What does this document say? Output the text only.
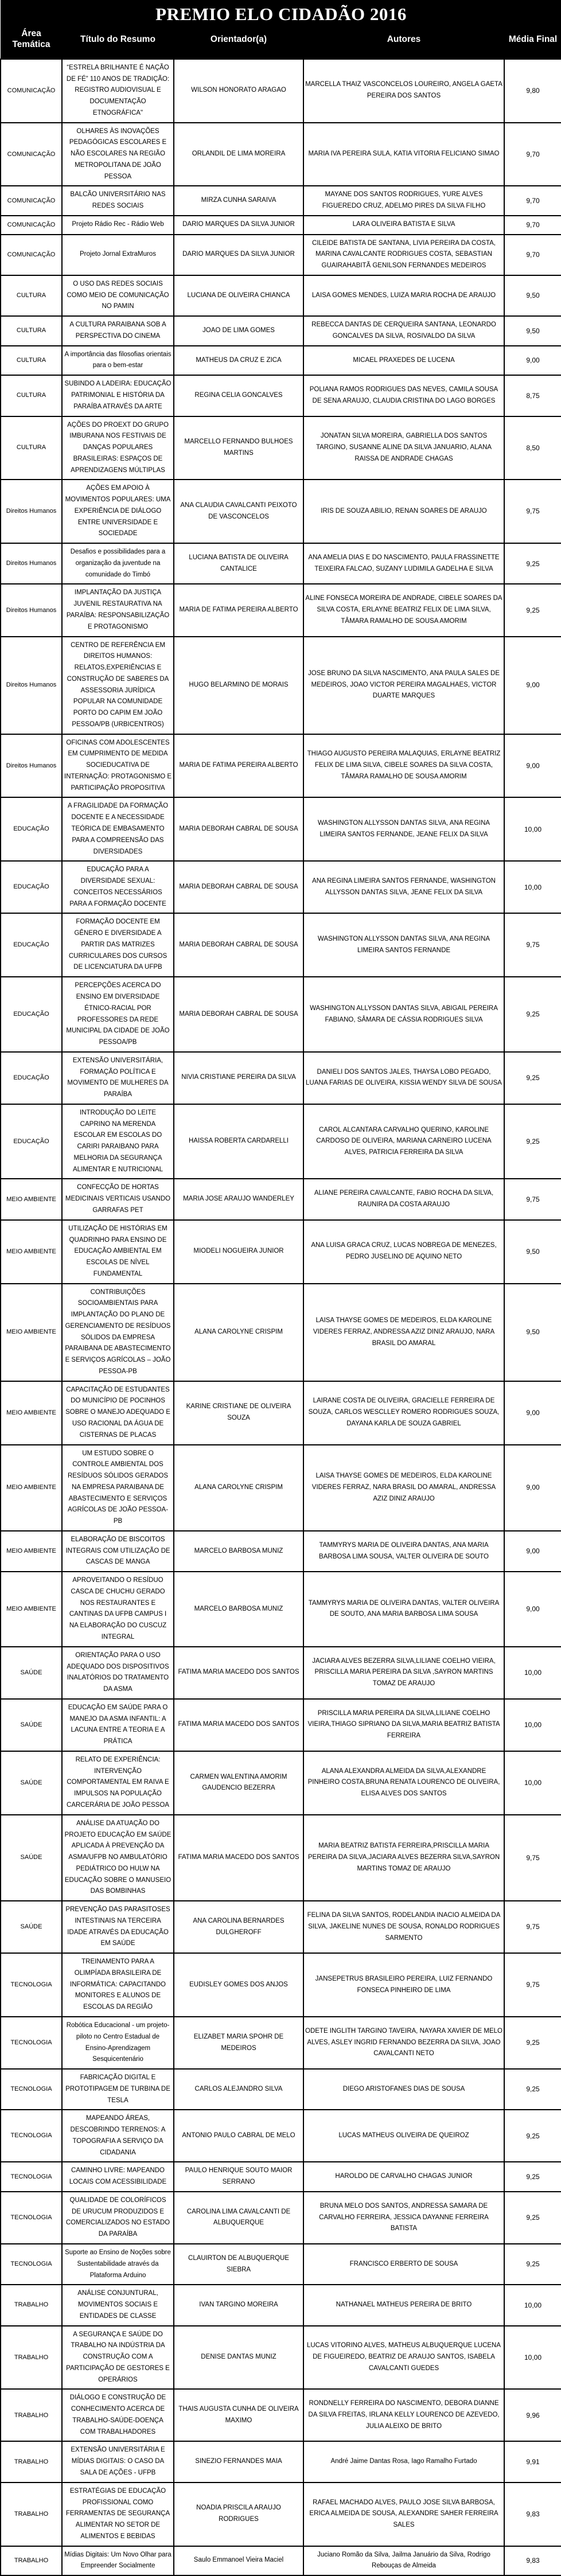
PREMIO ELO CIDADÃO 2016				
Área Temática	Título do Resumo	Orientador(a)	Autores	Média Final
COMUNICAÇÃO	“ESTRELA BRILHANTE É NAÇÃO DE FÉ” 110 ANOS DE TRADIÇÃO: REGISTRO AUDIOVISUAL E DOCUMENTAÇÃO ETNOGRÁFICA"	WILSON HONORATO ARAGAO	MARCELLA THAIZ VASCONCELOS LOUREIRO, ANGELA GAETA PEREIRA DOS SANTOS	9,80
COMUNICAÇÃO	OLHARES ÀS INOVAÇÕES PEDAGÓGICAS ESCOLARES E NÃO ESCOLARES NA REGIÃO METROPOLITANA DE JOÃO PESSOA	ORLANDIL DE LIMA MOREIRA	MARIA IVA PEREIRA SULA, KATIA VITORIA FELICIANO SIMAO	9,70
COMUNICAÇÃO	BALCÃO UNIVERSITÁRIO NAS REDES SOCIAIS	MIRZA CUNHA SARAIVA	MAYANE DOS SANTOS RODRIGUES, YURE ALVES FIGUEREDO CRUZ, ADELMO PIRES DA SILVA FILHO	9,70
COMUNICAÇÃO	Projeto Rádio Rec - Rádio Web	DARIO MARQUES DA SILVA JUNIOR	LARA OLIVEIRA BATISTA E SILVA	9,70
COMUNICAÇÃO	Projeto Jornal ExtraMuros	DARIO MARQUES DA SILVA JUNIOR	CILEIDE BATISTA DE SANTANA, LIVIA PEREIRA DA COSTA, MARINA CAVALCANTE RODRIGUES COSTA, SEBASTIAN GUAIRAHABITÃ GENILSON FERNANDES MEDEIROS	9,70
CULTURA	O USO DAS REDES SOCIAIS COMO MEIO DE COMUNICAÇÃO NO PAMIN	LUCIANA DE OLIVEIRA CHIANCA	LAISA GOMES MENDES, LUIZA MARIA ROCHA DE ARAUJO	9,50
CULTURA	A CULTURA PARAIBANA SOB A PERSPECTIVA DO CINEMA	JOAO DE LIMA GOMES	REBECCA DANTAS DE CERQUEIRA SANTANA, LEONARDO GONCALVES DA SILVA, ROSIVALDO DA SILVA	9,50
CULTURA	A importância das filosofias orientais para o bem-estar	MATHEUS DA CRUZ E ZICA	MICAEL PRAXEDES DE LUCENA	9,00
CULTURA	SUBINDO A LADEIRA: EDUCAÇÃO PATRIMONIAL E HISTÓRIA DA PARAÍBA ATRAVÉS DA ARTE	REGINA CELIA GONCALVES	POLIANA RAMOS RODRIGUES DAS NEVES, CAMILA SOUSA DE SENA ARAUJO, CLAUDIA CRISTINA DO LAGO BORGES	8,75
CULTURA	AÇÕES DO PROEXT DO GRUPO IMBURANA NOS FESTIVAIS DE DANÇAS POPULARES BRASILEIRAS: ESPAÇOS DE APRENDIZAGENS MÚLTIPLAS	MARCELLO FERNANDO BULHOES MARTINS	JONATAN SILVA MOREIRA, GABRIELLA DOS SANTOS TARGINO, SUSANNE ALINE DA SILVA JANUARIO, ALANA RAISSA DE ANDRADE CHAGAS	8,50
Direitos Humanos	AÇÕES EM APOIO À MOVIMENTOS POPULARES: UMA EXPERIÊNCIA DE DIÁLOGO ENTRE UNIVERSIDADE E SOCIEDADE	ANA CLAUDIA CAVALCANTI PEIXOTO DE VASCONCELOS	IRIS DE SOUZA ABILIO, RENAN SOARES DE ARAUJO	9,75
Direitos Humanos	Desafios e possibilidades para a organização da juventude na comunidade do Timbó	LUCIANA BATISTA DE OLIVEIRA CANTALICE	ANA AMELIA DIAS E DO NASCIMENTO, PAULA FRASSINETTE TEIXEIRA FALCAO, SUZANY LUDIMILA GADELHA E SILVA	9,25
Direitos Humanos	IMPLANTAÇÃO DA JUSTIÇA JUVENIL RESTAURATIVA NA PARAÍBA: RESPONSABILIZAÇÃO E PROTAGONISMO	MARIA DE FATIMA PEREIRA ALBERTO	ALINE FONSECA MOREIRA DE ANDRADE, CIBELE SOARES DA SILVA COSTA, ERLAYNE BEATRIZ FELIX DE LIMA SILVA, TÂMARA RAMALHO DE SOUSA AMORIM	9,25
Direitos Humanos	CENTRO DE REFERÊNCIA EM DIREITOS HUMANOS: RELATOS,EXPERIÊNCIAS E CONSTRUÇÃO DE SABERES DA ASSESSORIA JURÍDICA POPULAR NA COMUNIDADE PORTO DO CAPIM EM JOÃO PESSOA/PB (URBICENTROS)	HUGO BELARMINO DE MORAIS	JOSE BRUNO DA SILVA NASCIMENTO, ANA PAULA SALES DE MEDEIROS, JOAO VICTOR PEREIRA MAGALHAES, VICTOR DUARTE MARQUES	9,00
Direitos Humanos	OFICINAS COM ADOLESCENTES EM CUMPRIMENTO DE MEDIDA SOCIEDUCATIVA DE INTERNAÇÃO: PROTAGONISMO E PARTICIPAÇÃO PROPOSITIVA	MARIA DE FATIMA PEREIRA ALBERTO	THIAGO AUGUSTO PEREIRA MALAQUIAS, ERLAYNE BEATRIZ FELIX DE LIMA SILVA, CIBELE SOARES DA SILVA COSTA, TÂMARA RAMALHO DE SOUSA AMORIM	9,00
EDUCAÇÃO	A FRAGILIDADE DA FORMAÇÃO DOCENTE E A NECESSIDADE TEÓRICA DE EMBASAMENTO PARA A COMPREENSÃO DAS DIVERSIDADES	MARIA DEBORAH CABRAL DE SOUSA	WASHINGTON ALLYSSON DANTAS SILVA, ANA REGINA LIMEIRA SANTOS FERNANDE, JEANE FELIX DA SILVA	10,00
EDUCAÇÃO	EDUCAÇÃO PARA A DIVERSIDADE SEXUAL: CONCEITOS NECESSÁRIOS PARA A FORMAÇÃO DOCENTE	MARIA DEBORAH CABRAL DE SOUSA	ANA REGINA LIMEIRA SANTOS FERNANDE, WASHINGTON ALLYSSON DANTAS SILVA, JEANE FELIX DA SILVA	10,00
EDUCAÇÃO	FORMAÇÃO DOCENTE EM GÊNERO E DIVERSIDADE A PARTIR DAS MATRIZES CURRICULARES DOS CURSOS DE LICENCIATURA DA UFPB	MARIA DEBORAH CABRAL DE SOUSA	WASHINGTON ALLYSSON DANTAS SILVA, ANA REGINA LIMEIRA SANTOS FERNANDE	9,75
EDUCAÇÃO	PERCEPÇÕES ACERCA DO ENSINO EM DIVERSIDADE ÉTNICO-RACIAL POR PROFESSORES DA REDE MUNICIPAL DA CIDADE DE JOÃO PESSOA/PB	MARIA DEBORAH CABRAL DE SOUSA	WASHINGTON ALLYSSON DANTAS SILVA, ABIGAIL PEREIRA FABIANO, SÂMARA DE CÁSSIA RODRIGUES SILVA	9,25
EDUCAÇÃO	EXTENSÃO UNIVERSITÁRIA, FORMAÇÃO POLÍTICA E MOVIMENTO DE MULHERES DA PARAÍBA	NIVIA CRISTIANE PEREIRA DA SILVA	DANIELI DOS SANTOS JALES, THAYSA LOBO PEGADO, LUANA FARIAS DE OLIVEIRA, KISSIA WENDY SILVA DE SOUSA	9,25
EDUCAÇÃO	INTRODUÇÃO DO LEITE CAPRINO NA MERENDA ESCOLAR EM ESCOLAS DO CARIRI PARAIBANO PARA MELHORIA DA SEGURANÇA ALIMENTAR E NUTRICIONAL	HAISSA ROBERTA CARDARELLI	CAROL ALCANTARA CARVALHO QUERINO, KAROLINE CARDOSO DE OLIVEIRA, MARIANA CARNEIRO LUCENA ALVES, PATRICIA FERREIRA DA SILVA	9,25
MEIO AMBIENTE	CONFECÇÃO DE HORTAS MEDICINAIS VERTICAIS USANDO GARRAFAS PET	MARIA JOSE ARAUJO WANDERLEY	ALIANE PEREIRA CAVALCANTE, FABIO ROCHA DA SILVA, RAUNIRA DA COSTA ARAUJO	9,75
MEIO AMBIENTE	UTILIZAÇÃO DE HISTÓRIAS EM QUADRINHO PARA ENSINO DE EDUCAÇÃO AMBIENTAL EM ESCOLAS DE NÍVEL FUNDAMENTAL	MIODELI NOGUEIRA JUNIOR	ANA LUISA GRACA CRUZ, LUCAS NOBREGA DE MENEZES, PEDRO JUSELINO DE AQUINO NETO	9,50
MEIO AMBIENTE	CONTRIBUIÇÕES SOCIOAMBIENTAIS PARA IMPLANTAÇÃO DO PLANO DE GERENCIAMENTO DE RESÍDUOS SÓLIDOS DA EMPRESA PARAIBANA DE ABASTECIMENTO E SERVIÇOS AGRÍCOLAS – JOÃO PESSOA-PB	ALANA CAROLYNE CRISPIM	LAISA THAYSE GOMES DE MEDEIROS, ELDA KAROLINE VIDERES FERRAZ, ANDRESSA AZIZ DINIZ ARAUJO, NARA BRASIL DO AMARAL	9,50
MEIO AMBIENTE	CAPACITAÇÃO DE ESTUDANTES DO MUNICÍPIO DE POCINHOS SOBRE O MANEJO ADEQUADO E USO RACIONAL DA ÁGUA DE CISTERNAS DE PLACAS	KARINE CRISTIANE DE OLIVEIRA SOUZA	LAIRANE COSTA DE OLIVEIRA, GRACIELLE FERREIRA DE SOUZA, CARLOS WESCLLEY ROMERO RODRIGUES SOUZA, DAYANA KARLA DE SOUZA GABRIEL	9,00
MEIO AMBIENTE	UM ESTUDO SOBRE O CONTROLE AMBIENTAL DOS RESÍDUOS SÓLIDOS GERADOS NA EMPRESA PARAIBANA DE ABASTECIMENTO E SERVIÇOS AGRÍCOLAS DE JOÃO PESSOA-PB	ALANA CAROLYNE CRISPIM	LAISA THAYSE GOMES DE MEDEIROS, ELDA KAROLINE VIDERES FERRAZ, NARA BRASIL DO AMARAL, ANDRESSA AZIZ DINIZ ARAUJO	9,00
MEIO AMBIENTE	ELABORAÇÃO DE BISCOITOS INTEGRAIS COM UTILIZAÇÃO DE CASCAS DE MANGA	MARCELO BARBOSA MUNIZ	TAMMYRYS MARIA DE OLIVEIRA DANTAS, ANA MARIA BARBOSA LIMA SOUSA, VALTER OLIVEIRA DE SOUTO	9,00
MEIO AMBIENTE	APROVEITANDO O RESÍDUO CASCA DE CHUCHU GERADO NOS RESTAURANTES E CANTINAS DA UFPB CAMPUS I NA ELABORAÇÃO DO CUSCUZ INTEGRAL	MARCELO BARBOSA MUNIZ	TAMMYRYS MARIA DE OLIVEIRA DANTAS, VALTER OLIVEIRA DE SOUTO, ANA MARIA BARBOSA LIMA SOUSA	9,00
SAÚDE	ORIENTAÇÃO PARA O USO ADEQUADO DOS DISPOSITIVOS INALATÓRIOS DO TRATAMENTO DA ASMA	FATIMA MARIA MACEDO DOS SANTOS	JACIARA ALVES BEZERRA SILVA,LILIANE COELHO VIEIRA, PRISCILLA MARIA PEREIRA DA SILVA ,SAYRON MARTINS TOMAZ DE ARAUJO	10,00
SAÚDE	EDUCAÇÃO EM SAÚDE PARA O MANEJO DA ASMA INFANTIL: A LACUNA ENTRE A TEORIA E A PRÁTICA	FATIMA MARIA MACEDO DOS SANTOS	PRISCILLA MARIA PEREIRA DA SILVA,LILIANE COELHO VIEIRA,THIAGO SIPRIANO DA SILVA,MARIA BEATRIZ BATISTA FERREIRA	10,00
SAÚDE	RELATO DE EXPERIÊNCIA: INTERVENÇÃO COMPORTAMENTAL EM RAIVA E IMPULSOS NA POPULAÇÃO CARCERÁRIA DE JOÃO PESSOA	CARMEN WALENTINA AMORIM GAUDENCIO BEZERRA	ALANA ALEXANDRA ALMEIDA DA SILVA,ALEXANDRE PINHEIRO COSTA,BRUNA RENATA LOURENCO DE OLIVEIRA, ELISA ALVES DOS SANTOS	10,00
SAÚDE	ANÁLISE DA ATUAÇÃO DO PROJETO EDUCAÇÃO EM SAÚDE APLICADA À PREVENÇÃO DA ASMA/UFPB NO AMBULATÓRIO PEDIÁTRICO DO HULW NA EDUCAÇÃO SOBRE O MANUSEIO DAS BOMBINHAS	FATIMA MARIA MACEDO DOS SANTOS	MARIA BEATRIZ BATISTA FERREIRA,PRISCILLA MARIA PEREIRA DA SILVA,JACIARA ALVES BEZERRA SILVA,SAYRON MARTINS TOMAZ DE ARAUJO	9,75
SAÚDE	PREVENÇÃO DAS PARASITOSES INTESTINAIS NA TERCEIRA IDADE ATRAVÉS DA EDUCAÇÃO EM SAÚDE	ANA CAROLINA BERNARDES DULGHEROFF	FELINA DA SILVA SANTOS, RODELANDIA INACIO ALMEIDA DA SILVA, JAKELINE NUNES DE SOUSA, RONALDO RODRIGUES SARMENTO	9,75
TECNOLOGIA	TREINAMENTO PARA A OLIMPÍADA BRASILEIRA DE INFORMÁTICA: CAPACITANDO MONITORES E ALUNOS DE ESCOLAS DA REGIÃO	EUDISLEY GOMES DOS ANJOS	JANSEPETRUS BRASILEIRO PEREIRA, LUIZ FERNANDO FONSECA PINHEIRO DE LIMA	9,75
TECNOLOGIA	Robótica Educacional - um projeto-piloto no Centro Estadual de Ensino-Aprendizagem Sesquicentenário	ELIZABET MARIA SPOHR DE MEDEIROS	ODETE INGLITH TARGINO TAVEIRA, NAYARA XAVIER DE MELO ALVES, ASLEY INGRID FERNANDO BEZERRA DA SILVA, JOAO CAVALCANTI NETO	9,25
TECNOLOGIA	FABRICAÇÃO DIGITAL E PROTOTIPAGEM DE TURBINA DE TESLA	CARLOS ALEJANDRO SILVA	DIEGO ARISTOFANES DIAS DE SOUSA	9,25
TECNOLOGIA	MAPEANDO ÁREAS, DESCOBRINDO TERRENOS: A TOPOGRAFIA A SERVIÇO DA CIDADANIA	ANTONIO PAULO CABRAL DE MELO	LUCAS MATHEUS OLIVEIRA DE QUEIROZ	9,25
TECNOLOGIA	CAMINHO LIVRE: MAPEANDO LOCAIS COM ACESSIBILIDADE	PAULO HENRIQUE SOUTO MAIOR SERRANO	HAROLDO DE CARVALHO CHAGAS JUNIOR	9,25
TECNOLOGIA	QUALIDADE DE COLORÍFICOS DE URUCUM PRODUZIDOS E COMERCIALIZADOS NO ESTADO DA PARAÍBA	CAROLINA LIMA CAVALCANTI DE ALBUQUERQUE	BRUNA MELO DOS SANTOS, ANDRESSA SAMARA DE CARVALHO FERREIRA, JESSICA DAYANNE FERREIRA BATISTA	9,25
TECNOLOGIA	Suporte ao Ensino de Noções sobre Sustentabilidade através da Plataforma Arduino	CLAUIRTON DE ALBUQUERQUE SIEBRA	FRANCISCO ERBERTO DE SOUSA	9,25
TRABALHO	ANÁLISE CONJUNTURAL, MOVIMENTOS SOCIAIS E ENTIDADES DE CLASSE	IVAN TARGINO MOREIRA	NATHANAEL MATHEUS PEREIRA DE BRITO	10,00
TRABALHO	A SEGURANÇA E SAÚDE DO TRABALHO NA INDÚSTRIA DA CONSTRUÇÃO COM A PARTICIPAÇÃO DE GESTORES E OPERÁRIOS	DENISE DANTAS MUNIZ	LUCAS VITORINO ALVES, MATHEUS ALBUQUERQUE LUCENA DE FIGUEIREDO, BEATRIZ DE ARAUJO SANTOS, ISABELA CAVALCANTI GUEDES	10,00
TRABALHO	DIÁLOGO E CONSTRUÇÃO DE CONHECIMENTO ACERCA DE TRABALHO-SAÚDE-DOENÇA COM TRABALHADORES	THAIS AUGUSTA CUNHA DE OLIVEIRA MAXIMO	RONDNELLY FERREIRA DO NASCIMENTO, DEBORA DIANNE DA SILVA FREITAS, IRLANA KELLY LOURENCO DE AZEVEDO, JULIA ALEIXO DE BRITO	9,96
TRABALHO	EXTENSÃO UNIVERSITÁRIA E MÍDIAS DIGITAIS: O CASO DA SALA DE AÇÕES - UFPB	SINEZIO FERNANDES MAIA	André Jaime Dantas Rosa, Iago Ramalho Furtado	9,91
TRABALHO	ESTRATÉGIAS DE EDUCAÇÃO PROFISSIONAL COMO FERRAMENTAS DE SEGURANÇA ALIMENTAR NO SETOR DE ALIMENTOS E BEBIDAS	NOADIA PRISCILA ARAUJO RODRIGUES	RAFAEL MACHADO ALVES, PAULO JOSE SILVA BARBOSA, ERICA ALMEIDA DE SOUSA, ALEXANDRE SAHER FERREIRA SALES	9,83
TRABALHO	Mídias Digitais: Um Novo Olhar para Empreender Socialmente	Saulo Emmanoel Vieira Maciel	Juciano Romão da Silva, Jailma Januário da Silva, Rodrigo Rebouças de Almeida	9,83
